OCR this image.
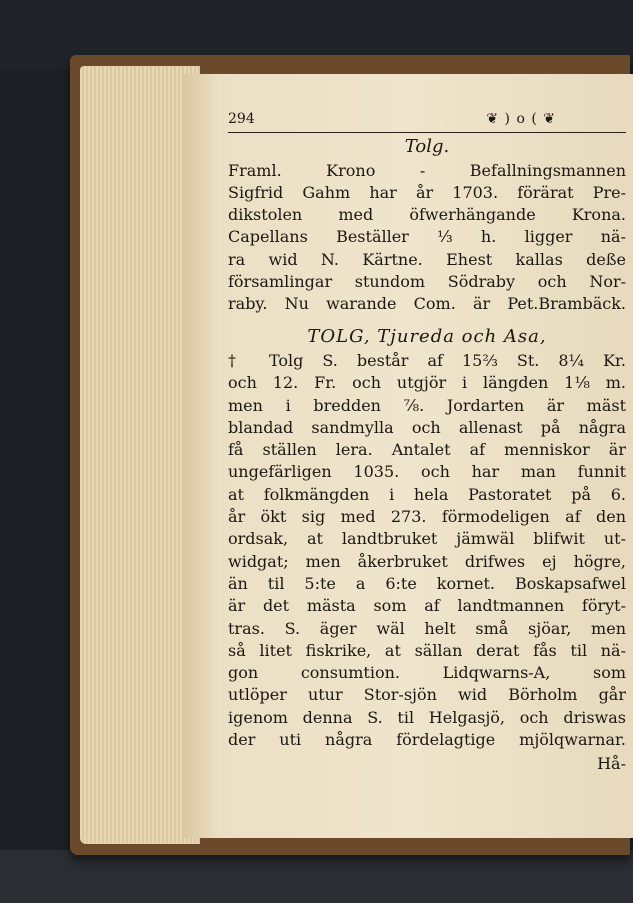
294	❦ ) o ( ❦
Tolg.
Framl. Krono - Befallningsmannen
Sigfrid Gahm har år 1703. förärat Pre-
dikstolen med öfwerhängande Krona.
Capellans Beställer ⅓ h. ligger nä-
ra wid N. Kärtne. Ehest kallas deße
församlingar stundom Södraby och Nor-
raby. Nu warande Com. är Pet.Brambäck.
TOLG, Tjureda och Asa,
† Tolg S. består af 15⅔ St. 8¼ Kr.
och 12. Fr. och utgjör i längden 1⅛ m.
men i bredden ⅞. Jordarten är mäst
blandad sandmylla och allenast på några
få ställen lera. Antalet af menniskor är
ungefärligen 1035. och har man funnit
at folkmängden i hela Pastoratet på 6.
år ökt sig med 273. förmodeligen af den
ordsak, at landtbruket jämwäl blifwit ut-
widgat; men åkerbruket drifwes ej högre,
än til 5:te a 6:te kornet. Boskapsafwel
är det mästa som af landtmannen föryt-
tras. S. äger wäl helt små sjöar, men
så litet fiskrike, at sällan derat fås til nä-
gon consumtion. Lidqwarns-A, som
utlöper utur Stor-sjön wid Börholm går
igenom denna S. til Helgasjö, och driswas
der uti några fördelagtige mjölqwarnar.
Hå-
